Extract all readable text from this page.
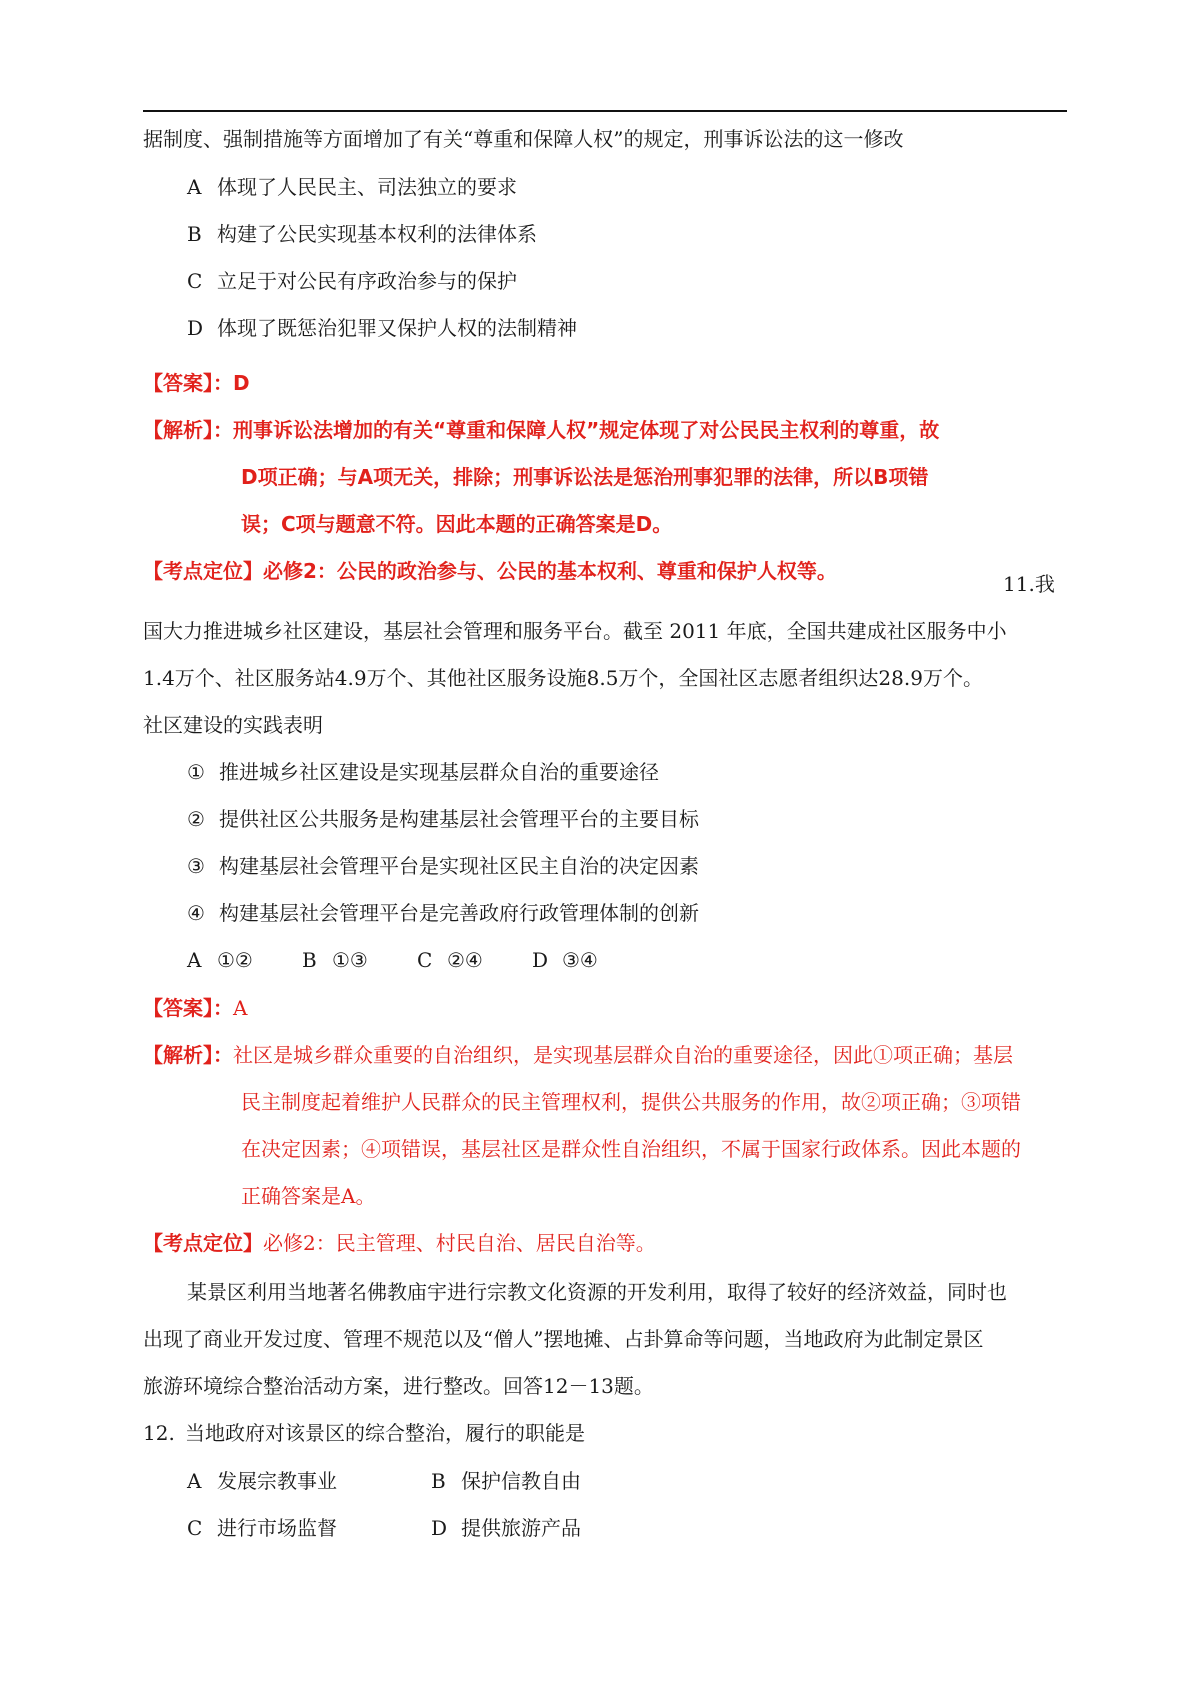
据制度、强制措施等方面增加了有关“尊重和保障人权”的规定，刑事诉讼法的这一修改
A 体现了人民民主、司法独立的要求
B 构建了公民实现基本权利的法律体系
C 立足于对公民有序政治参与的保护
D 体现了既惩治犯罪又保护人权的法制精神
【答案】：D
【解析】：刑事诉讼法增加的有关“尊重和保障人权”规定体现了对公民民主权利的尊重，故
D项正确；与A项无关，排除；刑事诉讼法是惩治刑事犯罪的法律，所以B项错
误；C项与题意不符。因此本题的正确答案是D。
【考点定位】必修2：公民的政治参与、公民的基本权利、尊重和保护人权等。
11.我
国大力推进城乡社区建设，基层社会管理和服务平台。截至 2011 年底，全国共建成社区服务中小
1.4万个、社区服务站4.9万个、其他社区服务设施8.5万个，全国社区志愿者组织达28.9万个。
社区建设的实践表明
① 推进城乡社区建设是实现基层群众自治的重要途径
② 提供社区公共服务是构建基层社会管理平台的主要目标
③ 构建基层社会管理平台是实现社区民主自治的决定因素
④ 构建基层社会管理平台是完善政府行政管理体制的创新
A ①② B ①③ C ②④ D ③④
【答案】：A
【解析】：社区是城乡群众重要的自治组织，是实现基层群众自治的重要途径，因此①项正确；基层
民主制度起着维护人民群众的民主管理权利，提供公共服务的作用，故②项正确；③项错
在决定因素；④项错误，基层社区是群众性自治组织，不属于国家行政体系。因此本题的
正确答案是A。
【考点定位】必修2：民主管理、村民自治、居民自治等。
某景区利用当地著名佛教庙宇进行宗教文化资源的开发利用，取得了较好的经济效益，同时也
出现了商业开发过度、管理不规范以及“僧人”摆地摊、占卦算命等问题，当地政府为此制定景区
旅游环境综合整治活动方案，进行整改。回答12－13题。
12. 当地政府对该景区的综合整治，履行的职能是
A 发展宗教事业	B 保护信教自由
C 进行市场监督	D 提供旅游产品
